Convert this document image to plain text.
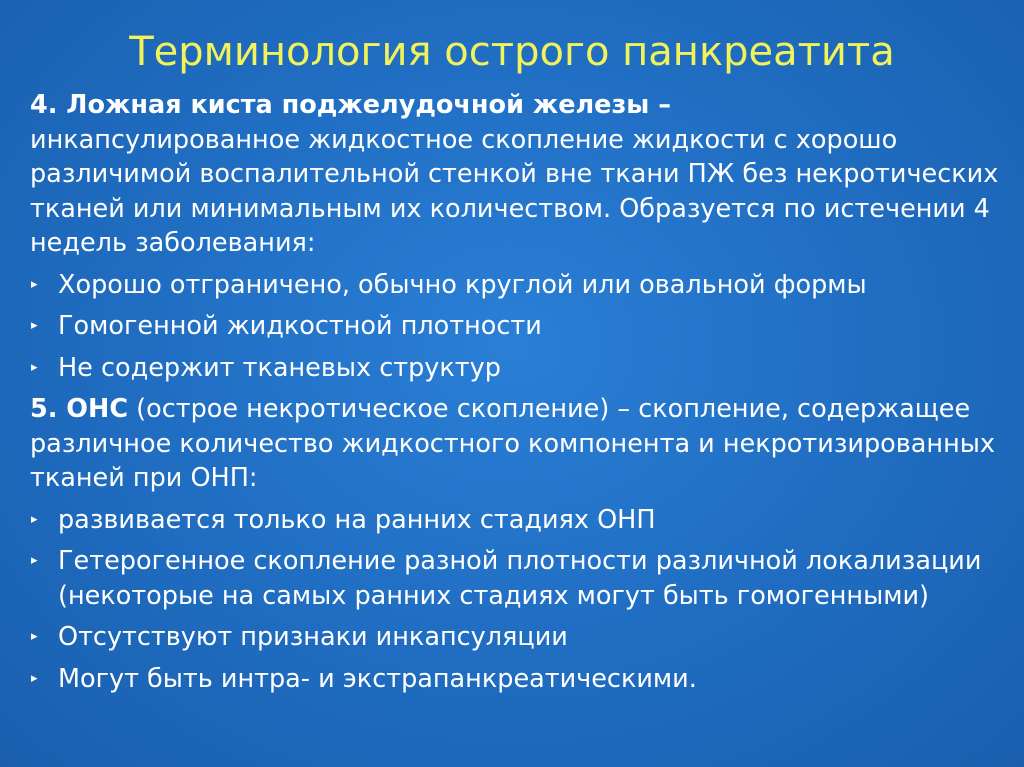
Терминология острого панкреатита

4. Ложная киста поджелудочной железы –
инкапсулированное жидкостное скопление жидкости с хорошо различимой воспалительной стенкой вне ткани ПЖ без некротических тканей или минимальным их количеством. Образуется по истечении 4 недель заболевания:

▸ Хорошо отграничено, обычно круглой или овальной формы
▸ Гомогенной жидкостной плотности
▸ Не содержит тканевых структур

5. ОНС (острое некротическое скопление) – скопление, содержащее различное количество жидкостного компонента и некротизированных тканей при ОНП:

▸ развивается только на ранних стадиях ОНП
▸ Гетерогенное скопление разной плотности различной локализации (некоторые на самых ранних стадиях могут быть гомогенными)
▸ Отсутствуют признаки инкапсуляции
▸ Могут быть интра- и экстрапанкреатическими.
